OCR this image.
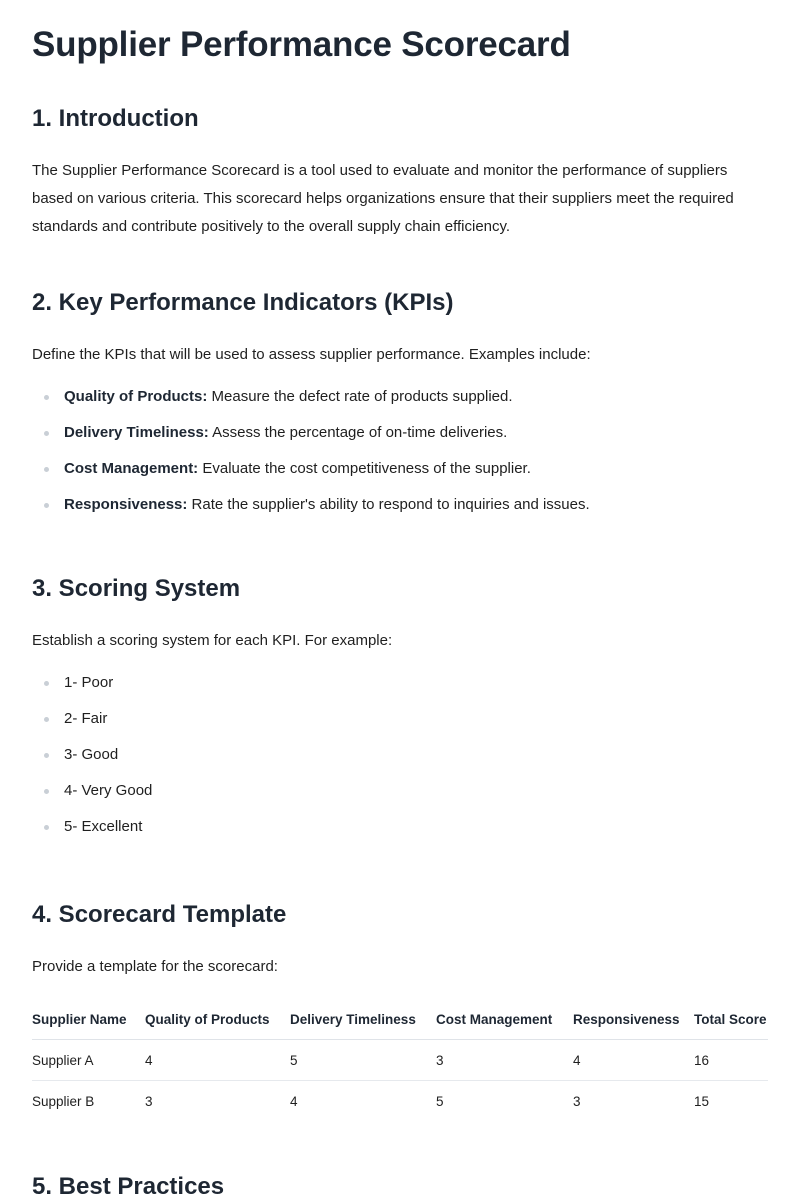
Supplier Performance Scorecard
1. Introduction

The Supplier Performance Scorecard is a tool used to evaluate and monitor the performance of suppliers based on various criteria. This scorecard helps organizations ensure that their suppliers meet the required standards and contribute positively to the overall supply chain efficiency.

2. Key Performance Indicators (KPIs)

Define the KPIs that will be used to assess supplier performance. Examples include:

Quality of Products: Measure the defect rate of products supplied.
Delivery Timeliness: Assess the percentage of on-time deliveries.
Cost Management: Evaluate the cost competitiveness of the supplier.
Responsiveness: Rate the supplier's ability to respond to inquiries and issues.
3. Scoring System

Establish a scoring system for each KPI. For example:

1- Poor
2- Fair
3- Good
4- Very Good
5- Excellent
4. Scorecard Template

Provide a template for the scorecard:

Supplier Name	Quality of Products	Delivery Timeliness	Cost Management	Responsiveness	Total Score
Supplier A	4	5	3	4	16
Supplier B	3	4	5	3	15
5. Best Practices
